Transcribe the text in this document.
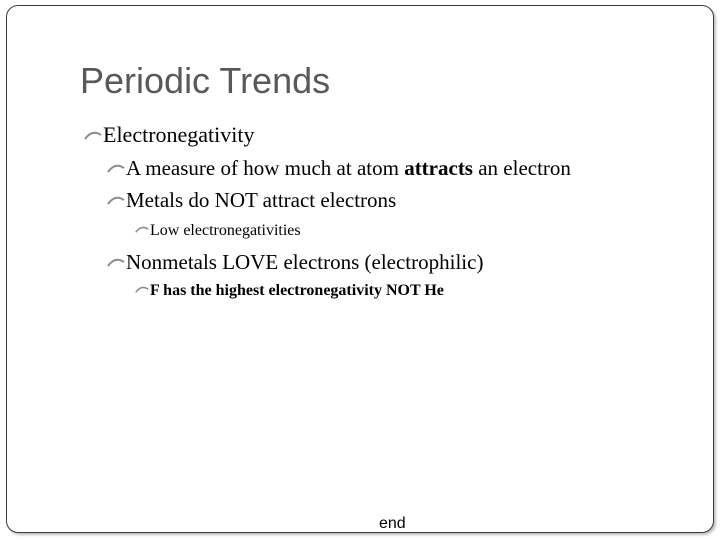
Periodic Trends
Electronegativity
A measure of how much at atom attracts an electron
Metals do NOT attract electrons
Low electronegativities
Nonmetals LOVE electrons (electrophilic)
F has the highest electronegativity NOT He
end
